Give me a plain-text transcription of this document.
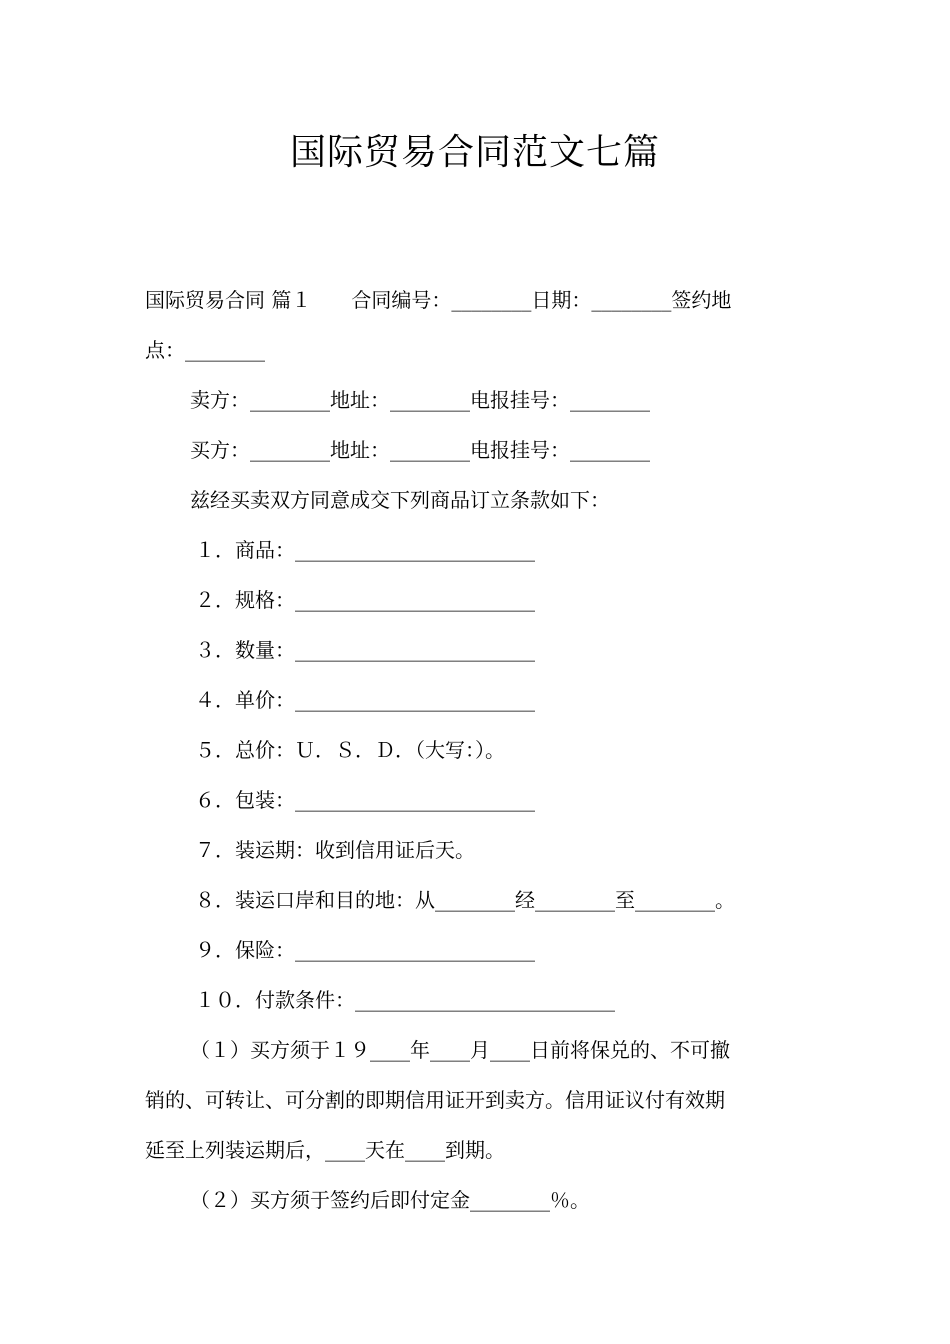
国际贸易合同范文七篇

国际贸易合同 篇１　　合同编号：________日期：________签约地

点：________

卖方：________地址：________电报挂号：________

买方：________地址：________电报挂号：________

兹经买卖双方同意成交下列商品订立条款如下：

１．商品：________________________

２．规格：________________________

３．数量：________________________

４．单价：________________________

５．总价：Ｕ．Ｓ．Ｄ．（大写：）。

６．包装：________________________

７．装运期：收到信用证后天。

８．装运口岸和目的地：从________经________至________。

９．保险：________________________

１０．付款条件：__________________________

（１）买方须于１９____年____月____日前将保兑的、不可撤

销的、可转让、可分割的即期信用证开到卖方。信用证议付有效期

延至上列装运期后，____天在____到期。

（２）买方须于签约后即付定金________％。
